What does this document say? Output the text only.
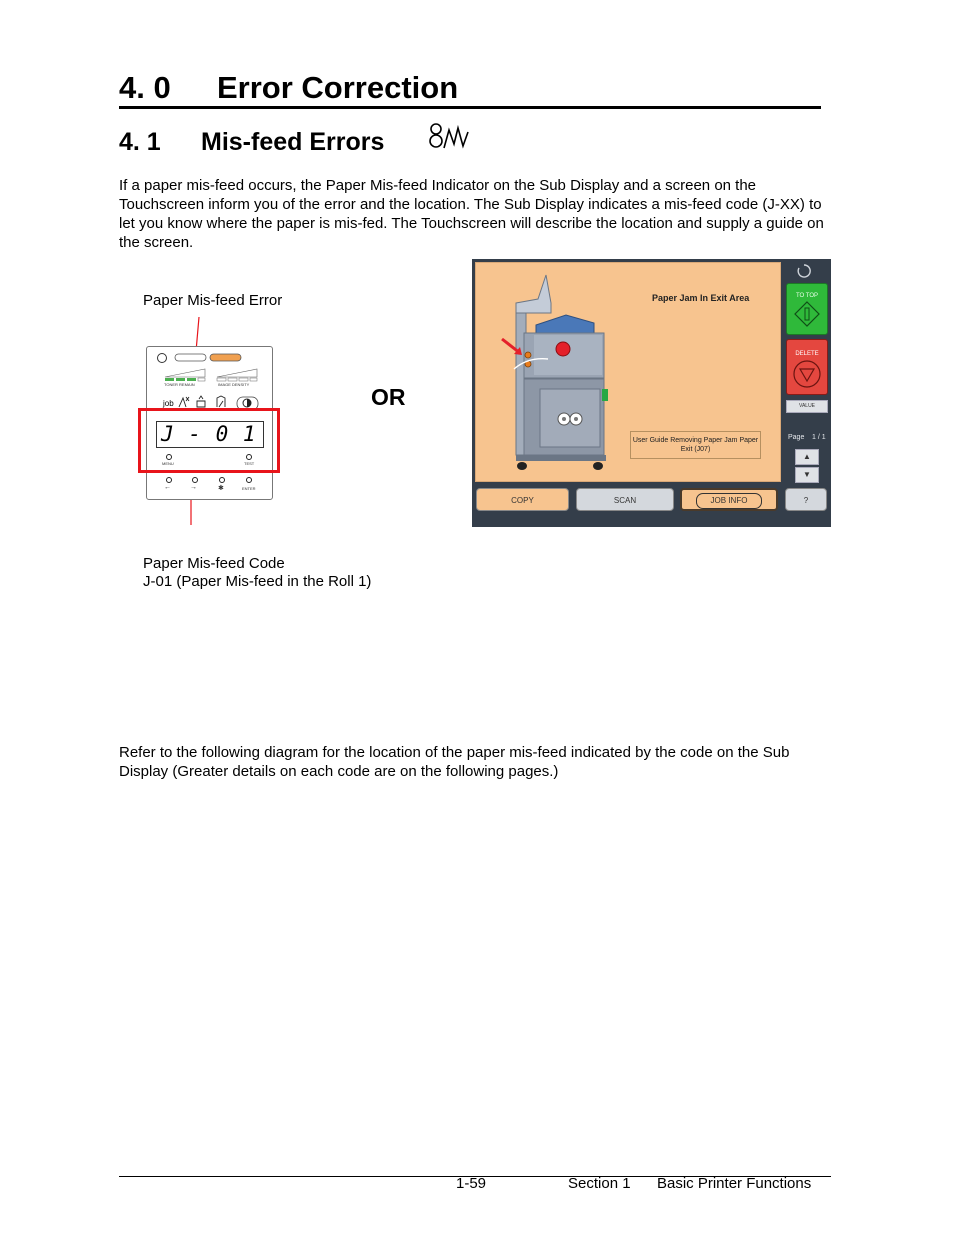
4. 0 Error Correction
4. 1 Mis-feed Errors
If a paper mis-feed occurs, the Paper Mis-feed Indicator on the Sub Display and a screen on the Touchscreen inform you of the error and the location. The Sub Display indicates a mis-feed code (J-XX) to let you know where the paper is mis-fed. The Touchscreen will describe the location and supply a guide on the screen.
Paper Mis-feed Error
Paper Mis-feed Code
J-01 (Paper Mis-feed in the Roll 1)
OR
TONER REMAIN	IMAGE DENSITY
job
J - 0 1
MENU	TEST
←	→	✱	ENTER
Paper Jam In Exit Area
User Guide Removing Paper Jam Paper Exit (J07)
TO TOP
DELETE
VALUE
Page 1 / 1
▲
▼
COPY	SCAN	JOB INFO	?
Refer to the following diagram for the location of the paper mis-feed indicated by the code on the Sub Display (Greater details on each code are on the following pages.)
1-59	Section 1 Basic Printer Functions
